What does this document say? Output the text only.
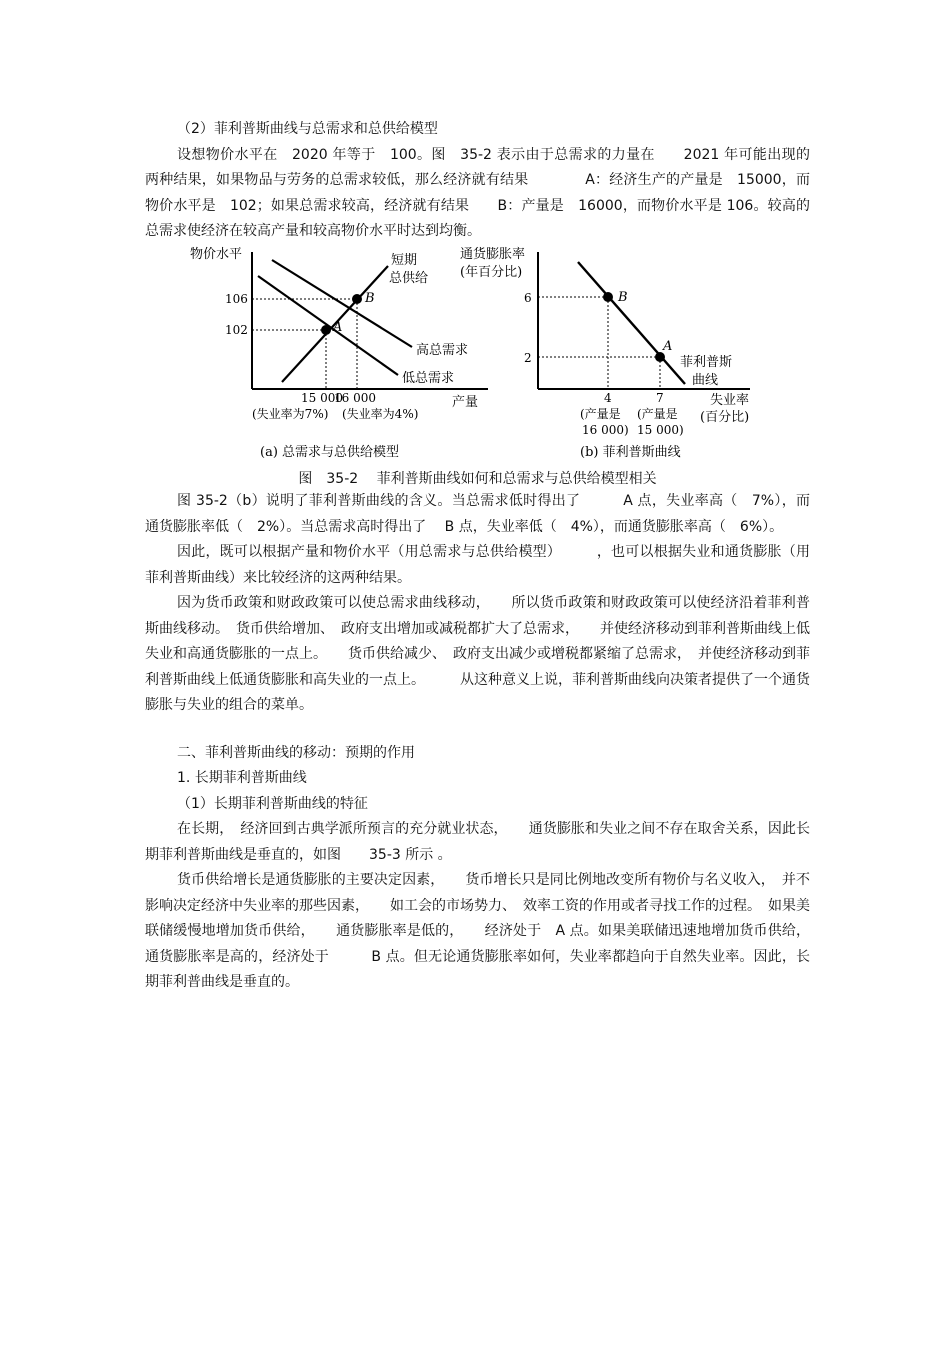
（2）菲利普斯曲线与总需求和总供给模型

设想物价水平在　2020 年等于　100。图　35-2 表示由于总需求的力量在　　2021 年可能出现的两种结果，如果物品与劳务的总需求较低，那么经济就有结果　　　　A：经济生产的产量是　15000，而物价水平是　102；如果总需求较高，经济就有结果　　B：产量是　16000，而物价水平是 106。较高的总需求使经济在较高产量和较高物价水平时达到均衡。

A
B
物价水平
产量
106
102
15 000
16 000
(失业率为7%) (失业率为4%)
短期
总供给
高总需求
低总需求
(a) 总需求与总供给模型
B
A
通货膨胀率
(年百分比)
6
2
4	7	失业率
(百分比)
(产量是
16 000)
(产量是
15 000)
菲利普斯
曲线
(b) 菲利普斯曲线
图　35-2　 菲利普斯曲线如何和总需求与总供给模型相关

图 35-2（b）说明了菲利普斯曲线的含义。当总需求低时得出了　　　A 点，失业率高（　7%），而通货膨胀率低（　2%）。当总需求高时得出了　 B 点，失业率低（　4%），而通货膨胀率高（　6%）。

因此，既可以根据产量和物价水平（用总需求与总供给模型）　　　，也可以根据失业和通货膨胀（用菲利普斯曲线）来比较经济的这两种结果。

因为货币政策和财政政策可以使总需求曲线移动，　　所以货币政策和财政政策可以使经济沿着菲利普斯曲线移动。　货币供给增加、　政府支出增加或减税都扩大了总需求，　　并使经济移动到菲利普斯曲线上低失业和高通货膨胀的一点上。　　货币供给减少、　政府支出减少或增税都紧缩了总需求，　并使经济移动到菲利普斯曲线上低通货膨胀和高失业的一点上。　　　从这种意义上说，菲利普斯曲线向决策者提供了一个通货膨胀与失业的组合的菜单。

二、菲利普斯曲线的移动：预期的作用

1. 长期菲利普斯曲线

（1）长期菲利普斯曲线的特征

在长期，　经济回到古典学派所预言的充分就业状态，　　通货膨胀和失业之间不存在取舍关系，因此长期菲利普斯曲线是垂直的，如图　　35-3 所示 。

货币供给增长是通货膨胀的主要决定因素，　　货币增长只是同比例地改变所有物价与名义收入，　并不影响决定经济中失业率的那些因素，　　如工会的市场势力、　效率工资的作用或者寻找工作的过程。　如果美联储缓慢地增加货币供给，　　通货膨胀率是低的，　　经济处于　A 点。如果美联储迅速地增加货币供给，通货膨胀率是高的，经济处于　　　B 点。但无论通货膨胀率如何，失业率都趋向于自然失业率。因此，长期菲利普曲线是垂直的。
